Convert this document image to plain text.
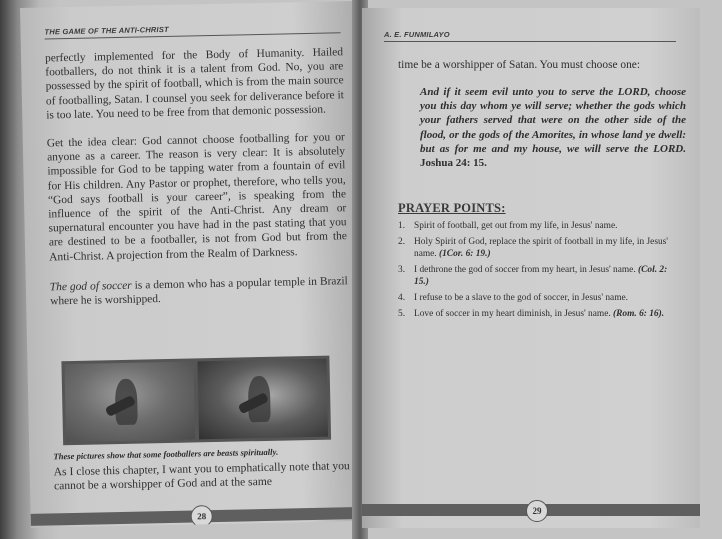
THE GAME OF THE ANTI-CHRIST

perfectly implemented for the Body of Humanity. Hailed footballers, do not think it is a talent from God. No, you are possessed by the spirit of football, which is from the main source of footballing, Satan. I counsel you seek for deliverance before it is too late. You need to be free from that demonic possession.

Get the idea clear: God cannot choose footballing for you or anyone as a career. The reason is very clear: It is absolutely impossible for God to be tapping water from a fountain of evil for His children. Any Pastor or prophet, therefore, who tells you, “God says football is your career”, is speaking from the influence of the spirit of the Anti-Christ. Any dream or supernatural encounter you have had in the past stating that you are destined to be a footballer, is not from God but from the Anti-Christ. A projection from the Realm of Darkness.

The god of soccer is a demon who has a popular temple in Brazil where he is worshipped.

These pictures show that some footballers are beasts spiritually.
As I close this chapter, I want you to emphatically note that you cannot be a worshipper of God and at the same
28
A. E. FUNMILAYO
time be a worshipper of Satan. You must choose one:
And if it seem evil unto you to serve the LORD, choose you this day whom ye will serve; whether the gods which your fathers served that were on the other side of the flood, or the gods of the Amorites, in whose land ye dwell: but as for me and my house, we will serve the LORD. Joshua 24: 15.
PRAYER POINTS:
1. Spirit of football, get out from my life, in Jesus' name.
2. Holy Spirit of God, replace the spirit of football in my life, in Jesus' name. (1Cor. 6: 19.)
3. I dethrone the god of soccer from my heart, in Jesus' name. (Col. 2: 15.)
4. I refuse to be a slave to the god of soccer, in Jesus' name.
5. Love of soccer in my heart diminish, in Jesus' name. (Rom. 6: 16).
29
